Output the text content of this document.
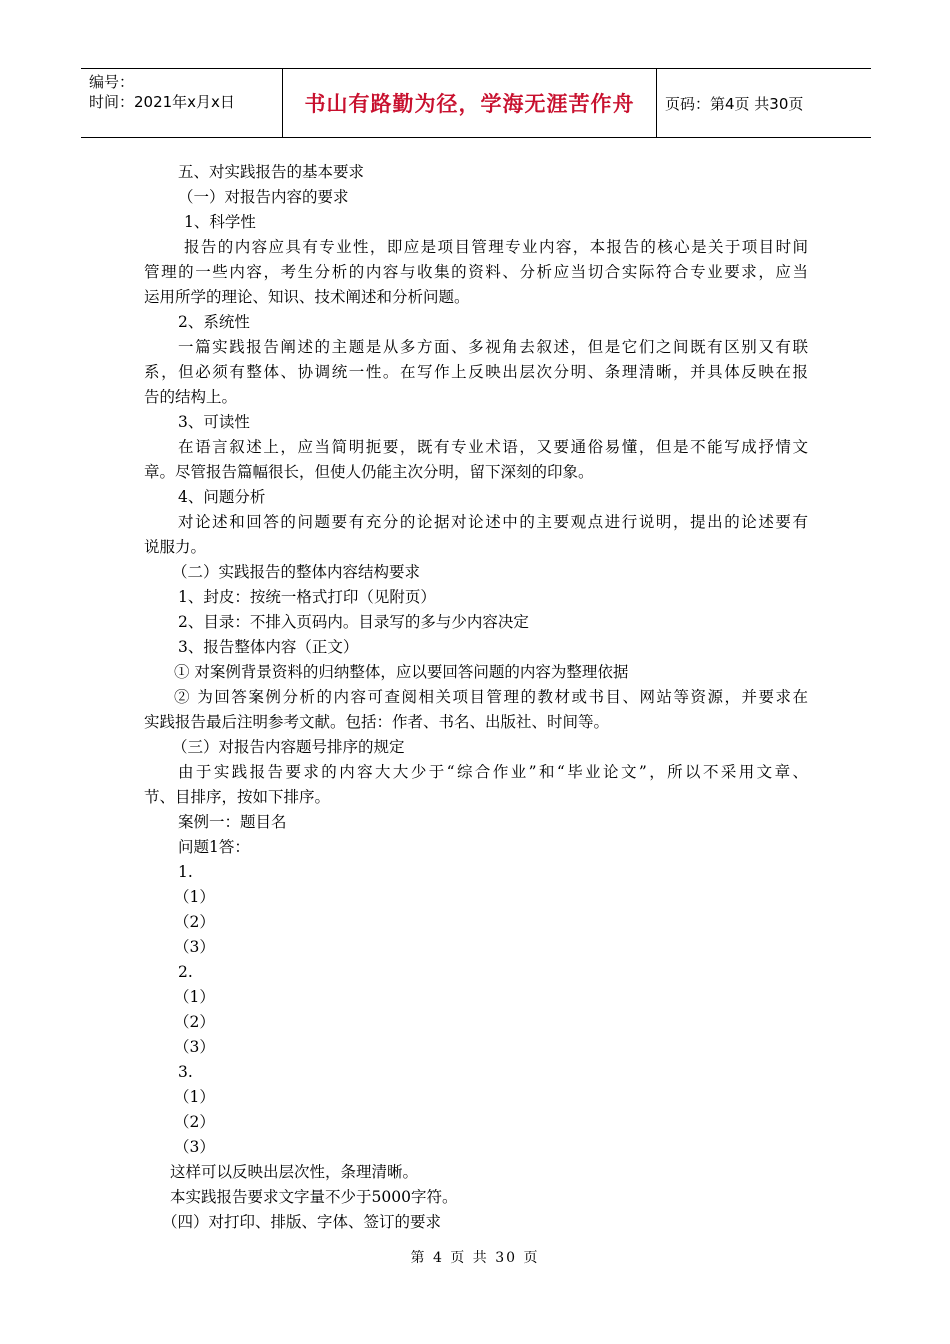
编号：
时间：2021年x月x日	书山有路勤为径，学海无涯苦作舟 页码：第4页 共30页
五、对实践报告的基本要求
（一）对报告内容的要求
1、科学性
报告的内容应具有专业性，即应是项目管理专业内容，本报告的核心是关于项目时间
管理的一些内容，考生分析的内容与收集的资料、分析应当切合实际符合专业要求，应当
运用所学的理论、知识、技术阐述和分析问题。
2、系统性
一篇实践报告阐述的主题是从多方面、多视角去叙述，但是它们之间既有区别又有联
系，但必须有整体、协调统一性。在写作上反映出层次分明、条理清晰，并具体反映在报
告的结构上。
3、可读性
在语言叙述上，应当简明扼要，既有专业术语，又要通俗易懂，但是不能写成抒情文
章。尽管报告篇幅很长，但使人仍能主次分明，留下深刻的印象。
4、问题分析
对论述和回答的问题要有充分的论据对论述中的主要观点进行说明，提出的论述要有
说服力。
（二）实践报告的整体内容结构要求
1、封皮：按统一格式打印（见附页）
2、目录：不排入页码内。目录写的多与少内容决定
3、报告整体内容（正文）
① 对案例背景资料的归纳整体，应以要回答问题的内容为整理依据
② 为回答案例分析的内容可查阅相关项目管理的教材或书目、网站等资源，并要求在
实践报告最后注明参考文献。包括：作者、书名、出版社、时间等。
（三）对报告内容题号排序的规定
由于实践报告要求的内容大大少于“综合作业”和“毕业论文”，所以不采用文章、
节、目排序，按如下排序。
案例一：题目名
问题1答：
1.
（1）
（2）
（3）
2.
（1）
（2）
（3）
3.
（1）
（2）
（3）
这样可以反映出层次性，条理清晰。
本实践报告要求文字量不少于5000字符。
（四）对打印、排版、字体、签订的要求
第 4 页 共 30 页
